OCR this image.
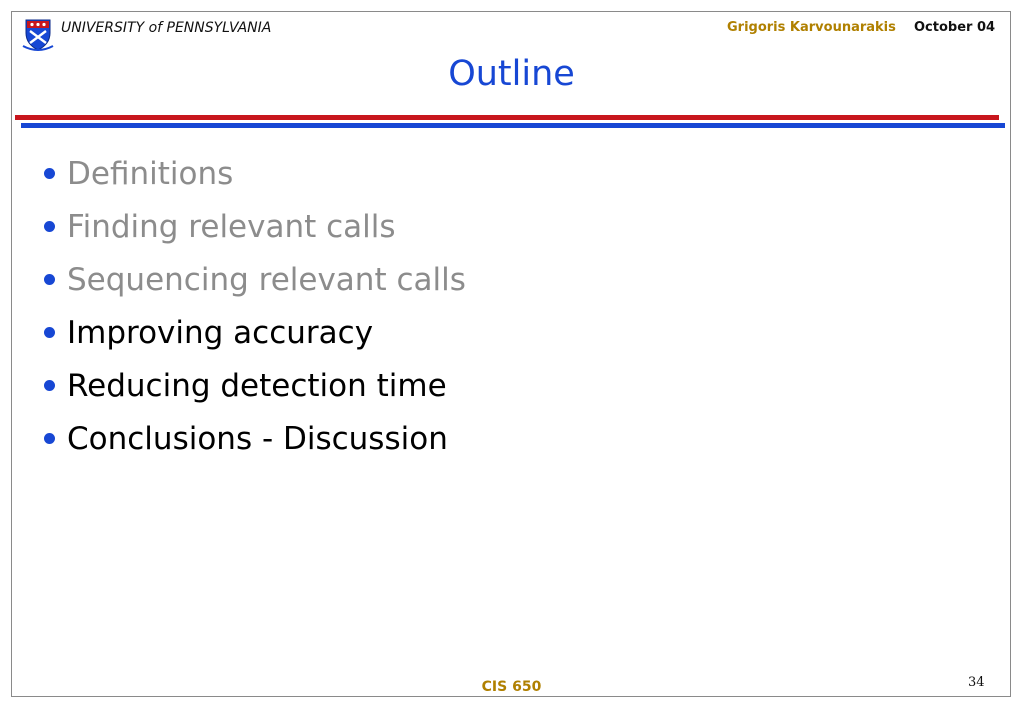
UNIVERSITY of PENNSYLVANIA	Grigoris Karvounarakis October 04
Outline
Definitions
Finding relevant calls
Sequencing relevant calls
Improving accuracy
Reducing detection time
Conclusions - Discussion
CIS 650	34
